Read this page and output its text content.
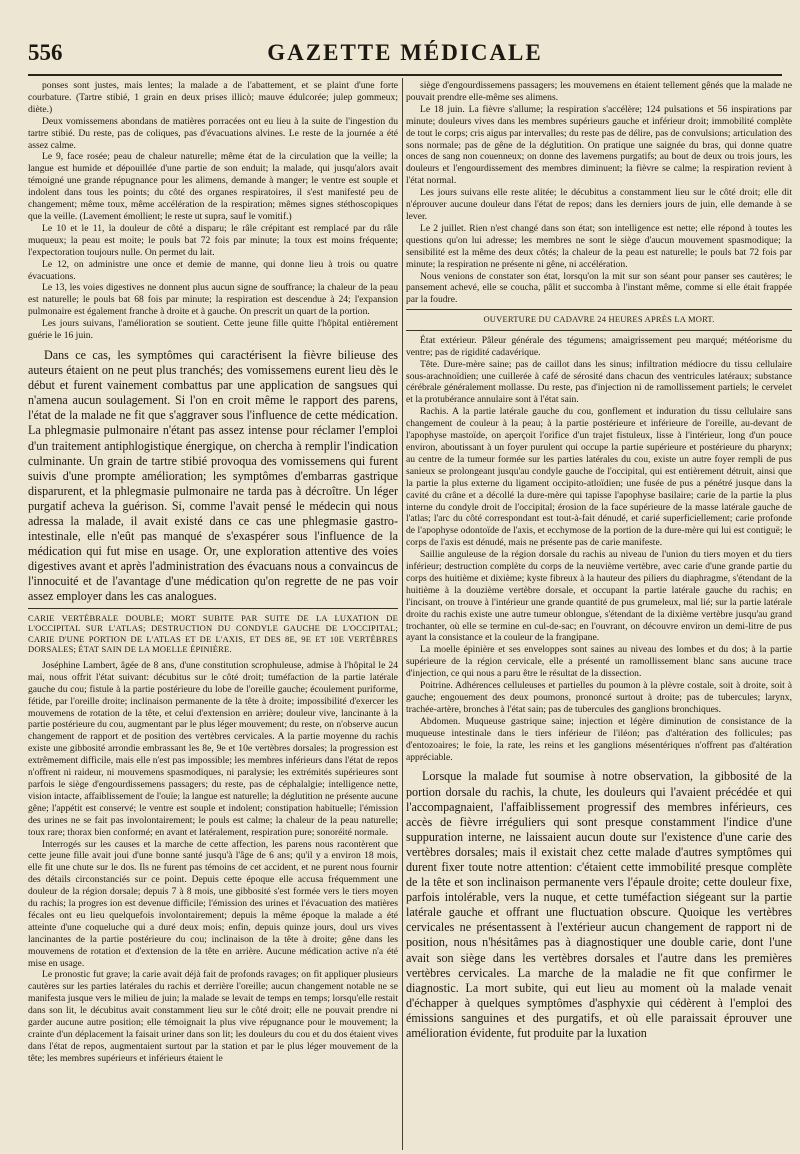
GAZETTE MÉDICALE
556

ponses sont justes, mais lentes; la malade a de l'abattement, et se plaint d'une forte courbature. (Tartre stibié, 1 grain en deux prises illicò; mauve édulcorée; julep gommeux; diète.)

Deux vomissemens abondans de matières porracées ont eu lieu à la suite de l'ingestion du tartre stibié. Du reste, pas de coliques, pas d'évacuations alvines. Le reste de la journée a été assez calme.

Le 9, face rosée; peau de chaleur naturelle; même état de la circulation que la veille; la langue est humide et dépouillée d'une partie de son enduit; la malade, qui jusqu'alors avait témoigné une grande répugnance pour les alimens, demande à manger; le ventre est souple et indolent dans tous les points; du côté des organes respiratoires, il s'est manifesté peu de changement; même toux, même accélération de la respiration; mêmes signes stéthoscopiques que la veille. (Lavement émollient; le reste ut supra, sauf le vomitif.)

Le 10 et le 11, la douleur de côté a disparu; le râle crépitant est remplacé par du râle muqueux; la peau est moite; le pouls bat 72 fois par minute; la toux est moins fréquente; l'expectoration toujours nulle. On permet du lait.

Le 12, on administre une once et demie de manne, qui donne lieu à trois ou quatre évacuations.

Le 13, les voies digestives ne donnent plus aucun signe de souffrance; la chaleur de la peau est naturelle; le pouls bat 68 fois par minute; la respiration est descendue à 24; l'expansion pulmonaire est également franche à droite et à gauche. On prescrit un quart de la portion.

Les jours suivans, l'amélioration se soutient. Cette jeune fille quitte l'hôpital entièrement guérie le 16 juin.

Dans ce cas, les symptômes qui caractérisent la fièvre bilieuse des auteurs étaient on ne peut plus tranchés; des vomissemens eurent lieu dès le début et furent vainement combattus par une application de sangsues qui n'amena aucun soulagement. Si l'on en croit même le rapport des parens, l'état de la malade ne fit que s'aggraver sous l'influence de cette médication. La phlegmasie pulmonaire n'étant pas assez intense pour réclamer l'emploi d'un traitement antiphlogistique énergique, on chercha à remplir l'indication culminante. Un grain de tartre stibié provoqua des vomissemens qui furent suivis d'une prompte amélioration; les symptômes d'embarras gastrique disparurent, et la phlegmasie pulmonaire ne tarda pas à décroître. Un léger purgatif acheva la guérison. Si, comme l'avait pensé le médecin qui nous adressa la malade, il avait existé dans ce cas une phlegmasie gastro-intestinale, elle n'eût pas manqué de s'exaspérer sous l'influence de la médication qui fut mise en usage. Or, une exploration attentive des voies digestives avant et après l'administration des évacuans nous a convaincus de l'innocuité et de l'avantage d'une médication qu'on regrette de ne pas voir assez employer dans les cas analogues.

CARIE VERTÉBRALE DOUBLE; MORT SUBITE PAR SUITE DE LA LUXATION DE L'OCCIPITAL SUR L'ATLAS; DESTRUCTION DU CONDYLE GAUCHE DE L'OCCIPITAL; CARIE D'UNE PORTION DE L'ATLAS ET DE L'AXIS, ET DES 8E, 9E ET 10E VERTÈBRES DORSALES; ÉTAT SAIN DE LA MOELLE ÉPINIÈRE.

Joséphine Lambert, âgée de 8 ans, d'une constitution scrophuleuse, admise à l'hôpital le 24 mai, nous offrit l'état suivant: décubitus sur le côté droit; tuméfaction de la partie latérale gauche du cou; fistule à la partie postérieure du lobe de l'oreille gauche; écoulement puriforme, fétide, par l'oreille droite; inclinaison permanente de la tête à droite; impossibilité d'exercer les mouvemens de rotation de la tête, et celui d'extension en arrière; douleur vive, lancinante à la partie postérieure du cou, augmentant par le plus léger mouvement; du reste, on n'observe aucun changement de rapport et de position des vertèbres cervicales. A la partie moyenne du rachis existe une gibbosité arrondie embrassant les 8e, 9e et 10e vertèbres dorsales; la progression est extrêmement difficile, mais elle n'est pas impossible; les membres inférieurs dans l'état de repos n'offrent ni raideur, ni mouvemens spasmodiques, ni paralysie; les extrémités supérieures sont parfois le siège d'engourdissemens passagers; du reste, pas de céphalalgie; intelligence nette, vision intacte, affaiblissement de l'ouïe; la langue est naturelle; la déglutition ne présente aucune gêne; l'appétit est conservé; le ventre est souple et indolent; constipation habituelle; l'émission des urines ne se fait pas involontairement; le pouls est calme; la chaleur de la peau naturelle; toux rare; thorax bien conformé; en avant et latéralement, respiration pure; sonoréité normale.

Interrogés sur les causes et la marche de cette affection, les parens nous racontèrent que cette jeune fille avait joui d'une bonne santé jusqu'à l'âge de 6 ans; qu'il y a environ 18 mois, elle fit une chute sur le dos. Ils ne furent pas témoins de cet accident, et ne purent nous fournir des détails circonstanciés sur ce point. Depuis cette époque elle accusa fréquemment une douleur de la région dorsale; depuis 7 à 8 mois, une gibbosité s'est formée vers le tiers moyen du rachis; la progres ion est devenue difficile; l'émission des urines et l'évacuation des matières fécales ont eu lieu quelquefois involontairement; depuis la même époque la malade a été atteinte d'une coqueluche qui a duré deux mois; enfin, depuis quinze jours, doul urs vives lancinantes de la partie postérieure du cou; inclinaison de la tête à droite; gêne dans les mouvemens de rotation et d'extension de la tête en arrière. Aucune médication active n'a été mise en usage.

Le pronostic fut grave; la carie avait déjà fait de profonds ravages; on fit appliquer plusieurs cautères sur les parties latérales du rachis et derrière l'oreille; aucun changement notable ne se manifesta jusque vers le milieu de juin; la malade se levait de temps en temps; lorsqu'elle restait dans son lit, le décubitus avait constamment lieu sur le côté droit; elle ne pouvait prendre ni garder aucune autre position; elle témoignait la plus vive répugnance pour le mouvement; la crainte d'un déplacement la faisait uriner dans son lit; les douleurs du cou et du dos étaient vives dans l'état de repos, augmentaient surtout par la station et par le plus léger mouvement de la tête; les membres supérieurs et inférieurs étaient le

siège d'engourdissemens passagers; les mouvemens en étaient tellement gênés que la malade ne pouvait prendre elle-même ses alimens.

Le 18 juin. La fièvre s'allume; la respiration s'accélère; 124 pulsations et 56 inspirations par minute; douleurs vives dans les membres supérieurs gauche et inférieur droit; immobilité complète de tout le corps; cris aigus par intervalles; du reste pas de délire, pas de convulsions; articulation des sons normale; pas de gêne de la déglutition. On pratique une saignée du bras, qui donne quatre onces de sang non couenneux; on donne des lavemens purgatifs; au bout de deux ou trois jours, les douleurs et l'engourdissement des membres diminuent; la fièvre se calme; la respiration revient à l'état normal.

Les jours suivans elle reste alitée; le décubitus a constamment lieu sur le côté droit; elle dit n'éprouver aucune douleur dans l'état de repos; dans les derniers jours de juin, elle demande à se lever.

Le 2 juillet. Rien n'est changé dans son état; son intelligence est nette; elle répond à toutes les questions qu'on lui adresse; les membres ne sont le siège d'aucun mouvement spasmodique; la sensibilité est la même des deux côtés; la chaleur de la peau est naturelle; le pouls bat 72 fois par minute; la respiration ne présente ni gêne, ni accélération.

Nous venions de constater son état, lorsqu'on la mit sur son séant pour panser ses cautères; le pansement achevé, elle se coucha, pâlit et succomba à l'instant même, comme si elle était frappée par la foudre.

OUVERTURE DU CADAVRE 24 HEURES APRÈS LA MORT.

État extérieur. Pâleur générale des tégumens; amaigrissement peu marqué; météorisme du ventre; pas de rigidité cadavérique.

Tête. Dure-mère saine; pas de caillot dans les sinus; infiltration médiocre du tissu cellulaire sous-arachnoïdien; une cuillerée à café de sérosité dans chacun des ventricules latéraux; substance cérébrale généralement mollasse. Du reste, pas d'injection ni de ramollissement partiels; le cervelet et la protubérance annulaire sont à l'état sain.

Rachis. A la partie latérale gauche du cou, gonflement et induration du tissu cellulaire sans changement de couleur à la peau; à la partie postérieure et inférieure de l'oreille, au-devant de l'apophyse mastoïde, on aperçoit l'orifice d'un trajet fistuleux, lisse à l'intérieur, long d'un pouce environ, aboutissant à un foyer purulent qui occupe la partie supérieure et postérieure du pharynx; au centre de la tumeur formée sur les parties latérales du cou, existe un autre foyer rempli de pus sanieux se prolongeant jusqu'au condyle gauche de l'occipital, qui est entièrement détruit, ainsi que la partie la plus externe du ligament occipito-atloïdien; une fusée de pus a pénétré jusque dans la cavité du crâne et a décollé la dure-mère qui tapisse l'apophyse basilaire; carie de la partie la plus interne du condyle droit de l'occipital; érosion de la face supérieure de la masse latérale gauche de l'atlas; l'arc du côté correspondant est tout-à-fait dénudé, et carié superficiellement; carie profonde de l'apophyse odontoïde de l'axis, et ecchymose de la portion de la dure-mère qui lui est contiguë; le corps de l'axis est dénudé, mais ne présente pas de carie manifeste.

Saillie anguleuse de la région dorsale du rachis au niveau de l'union du tiers moyen et du tiers inférieur; destruction complète du corps de la neuvième vertèbre, avec carie d'une grande partie du corps des huitième et dixième; kyste fibreux à la hauteur des piliers du diaphragme, s'étendant de la huitième à la douzième vertèbre dorsale, et occupant la partie latérale gauche du rachis; en l'incisant, on trouve à l'intérieur une grande quantité de pus grumeleux, mal lié; sur la partie latérale droite du rachis existe une autre tumeur oblongue, s'étendant de la dixième vertèbre jusqu'au grand trochanter, où elle se termine en cul-de-sac; en l'ouvrant, on découvre environ un demi-litre de pus ayant la consistance et la couleur de la frangipane.

La moelle épinière et ses enveloppes sont saines au niveau des lombes et du dos; à la partie supérieure de la région cervicale, elle a présenté un ramollissement blanc sans aucune trace d'injection, ce qui nous a paru être le résultat de la dissection.

Poitrine. Adhérences celluleuses et partielles du poumon à la plèvre costale, soit à droite, soit à gauche; engouement des deux poumons, prononcé surtout à droite; pas de tubercules; larynx, trachée-artère, bronches à l'état sain; pas de tubercules des ganglions bronchiques.

Abdomen. Muqueuse gastrique saine; injection et légère diminution de consistance de la muqueuse intestinale dans le tiers inférieur de l'iléon; pas d'altération des follicules; pas d'entozoaires; le foie, la rate, les reins et les ganglions mésentériques n'offrent pas d'altération appréciable.

Lorsque la malade fut soumise à notre observation, la gibbosité de la portion dorsale du rachis, la chute, les douleurs qui l'avaient précédée et qui l'accompagnaient, l'affaiblissement progressif des membres inférieurs, ces accès de fièvre irréguliers qui sont presque constamment l'indice d'une suppuration interne, ne laissaient aucun doute sur l'existence d'une carie des vertèbres dorsales; mais il existait chez cette malade d'autres symptômes qui durent fixer toute notre attention: c'étaient cette immobilité presque complète de la tête et son inclinaison permanente vers l'épaule droite; cette douleur fixe, parfois intolérable, vers la nuque, et cette tuméfaction siégeant sur la partie latérale gauche et offrant une fluctuation obscure. Quoique les vertèbres cervicales ne présentassent à l'extérieur aucun changement de rapport ni de position, nous n'hésitâmes pas à diagnostiquer une double carie, dont l'une avait son siège dans les vertèbres dorsales et l'autre dans les premières vertèbres cervicales. La marche de la maladie ne fit que confirmer le diagnostic. La mort subite, qui eut lieu au moment où la malade venait d'échapper à quelques symptômes d'asphyxie qui cédèrent à l'emploi des émissions sanguines et des purgatifs, et où elle paraissait éprouver une amélioration évidente, fut produite par la luxation
